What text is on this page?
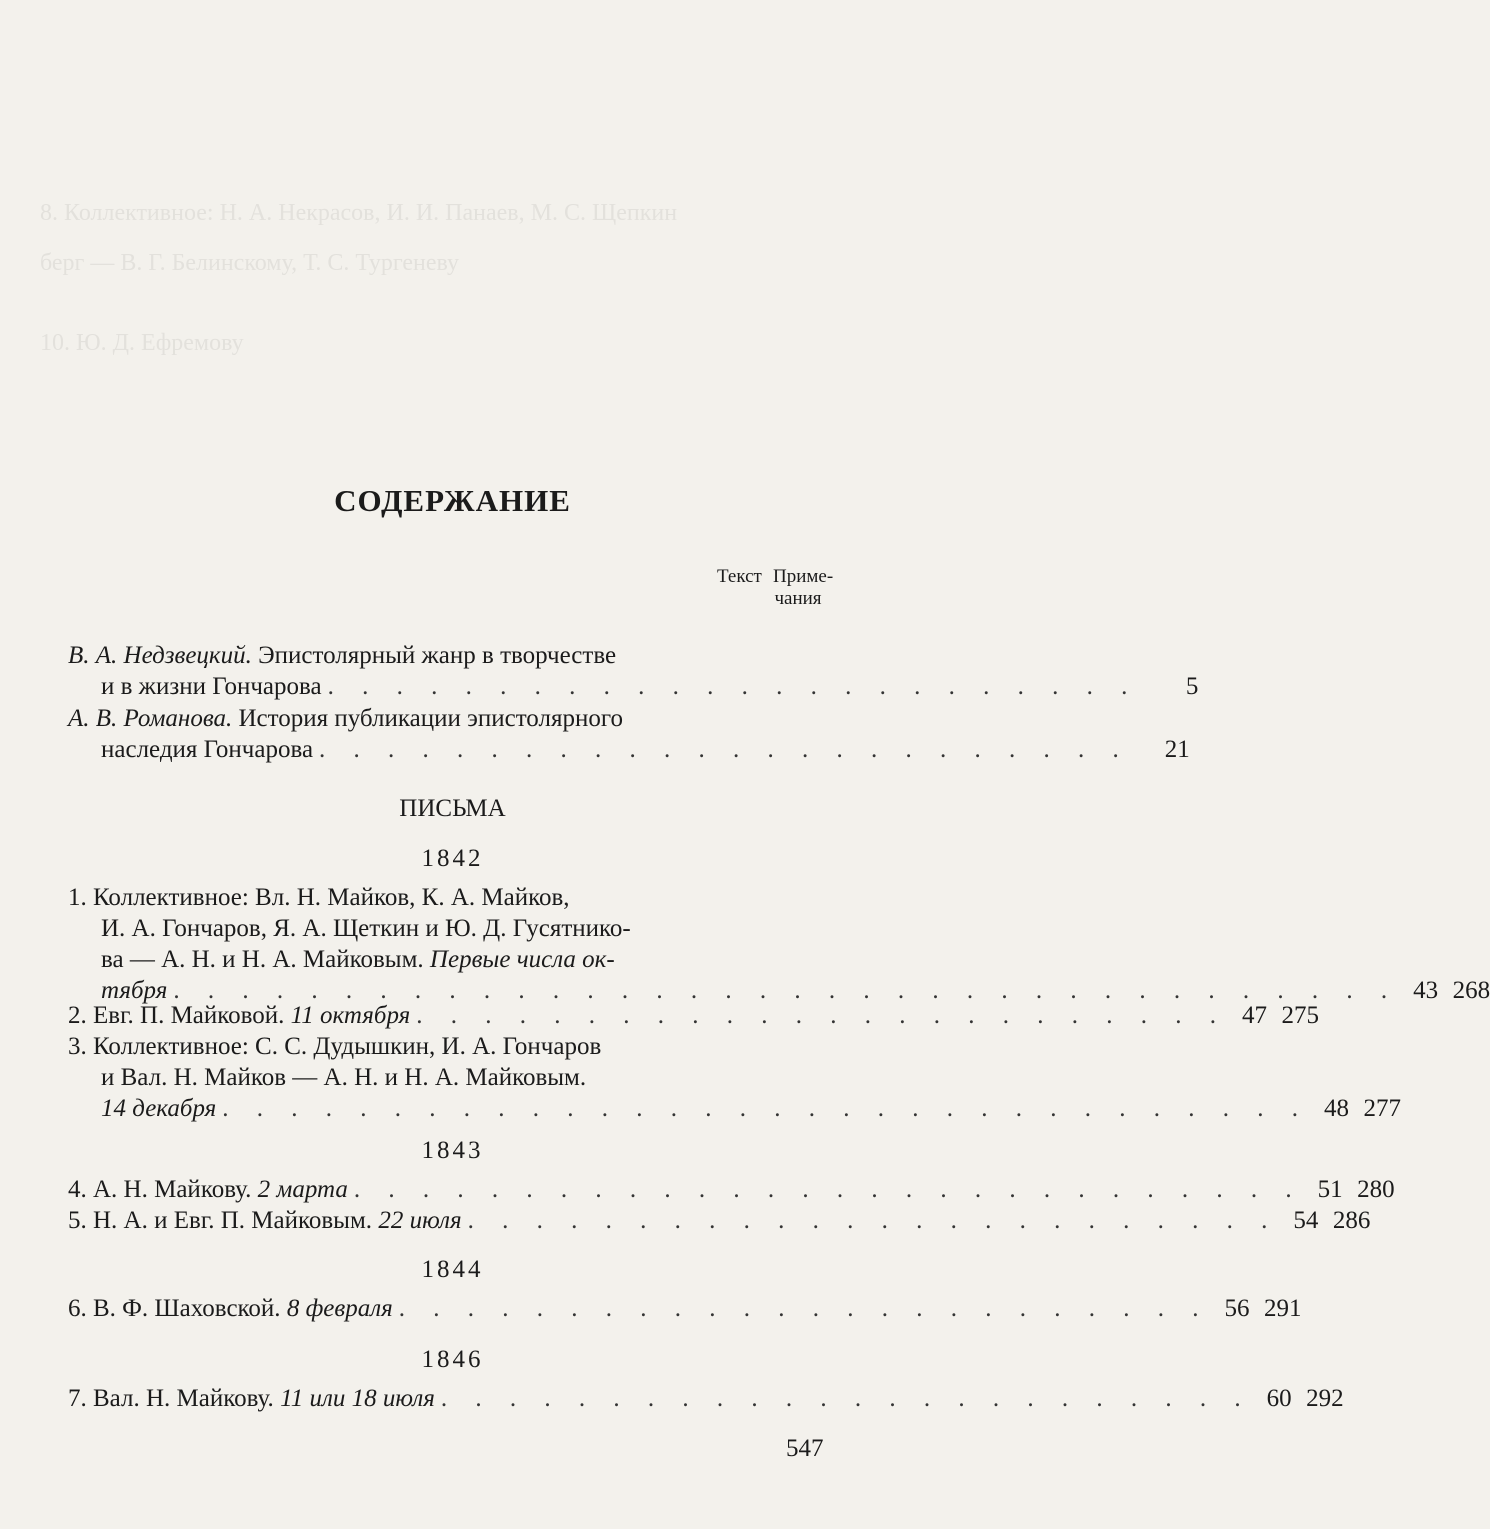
8. Коллективное: Н. А. Некрасов, И. И. Панаев, М. С. Щепкин
берг — В. Г. Белинскому, Т. С. Тургеневу
10. Ю. Д. Ефремову
СОДЕРЖАНИЕ
Текст Приме-
чания
В. А. Недзвецкий. Эпистолярный жанр в творчестве
и в жизни Гончарова . . . . . . . . . . . . . . . . . . . . . . . .	5
А. В. Романова. История публикации эпистолярного
наследия Гончарова . . . . . . . . . . . . . . . . . . . . . . . .	21
ПИСЬМА
1842
1. Коллективное: Вл. Н. Майков, К. А. Майков,
И. А. Гончаров, Я. А. Щеткин и Ю. Д. Гусятнико-
ва — А. Н. и Н. А. Майковым. Первые числа ок-
тября . . . . . . . . . . . . . . . . . . . . . . . . . . . . . . . . . . . . 43 268
2. Евг. П. Майковой. 11 октября . . . . . . . . . . . . . . . . . . . . . . . . 47 275
3. Коллективное: С. С. Дудышкин, И. А. Гончаров
и Вал. Н. Майков — А. Н. и Н. А. Майковым.
14 декабря . . . . . . . . . . . . . . . . . . . . . . . . . . . . . . . . 48 277
1843
4. А. Н. Майкову. 2 марта . . . . . . . . . . . . . . . . . . . . . . . . . . . . 51 280
5. Н. А. и Евг. П. Майковым. 22 июля . . . . . . . . . . . . . . . . . . . . . . . . 54 286
1844
6. В. Ф. Шаховской. 8 февраля . . . . . . . . . . . . . . . . . . . . . . . . 56 291
1846
7. Вал. Н. Майкову. 11 или 18 июля . . . . . . . . . . . . . . . . . . . . . . . . 60 292
547
